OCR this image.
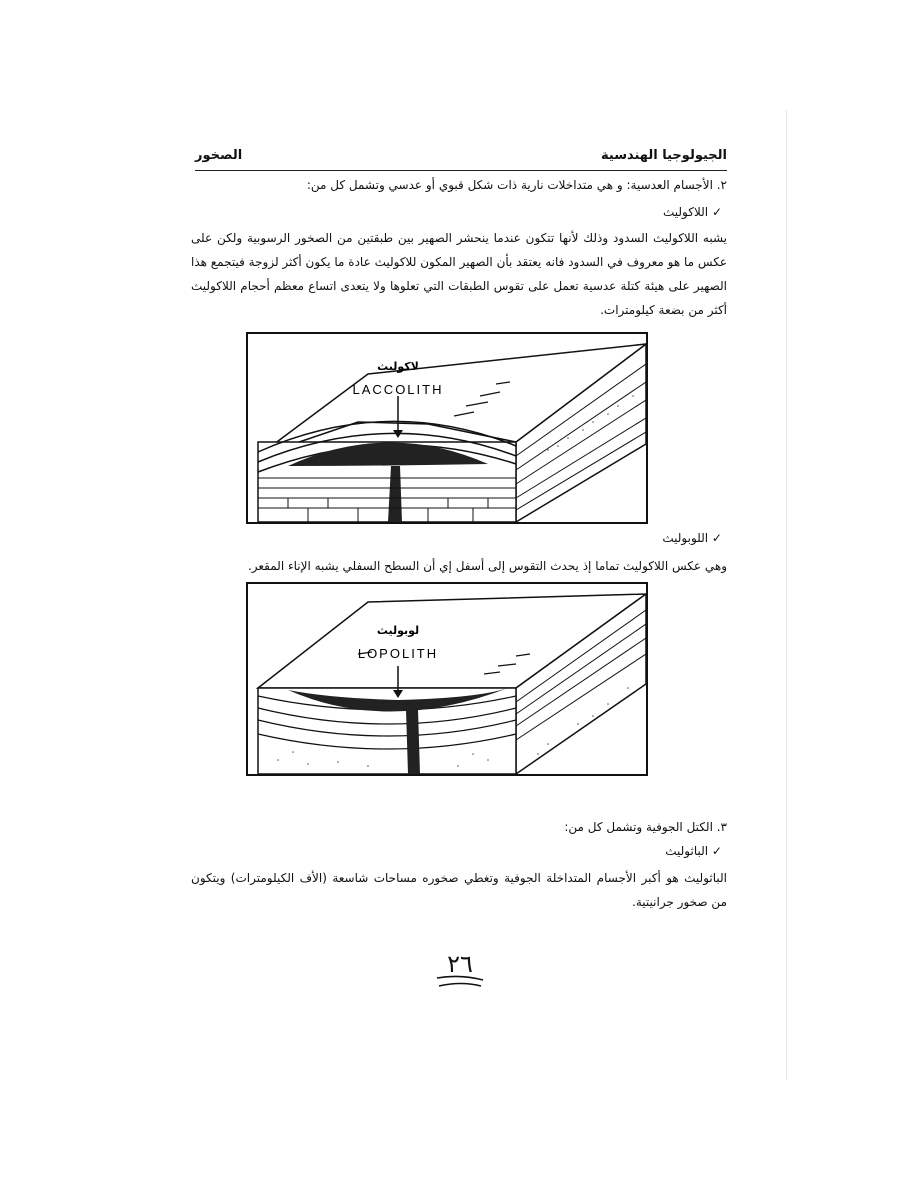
الجيولوجيا الهندسية
الصخور
٢. الأجسام العدسية: و هي متداخلات نارية ذات شكل قبوي أو عدسي وتشمل كل من:
✓ اللاكوليث
يشبه اللاكوليث السدود وذلك لأنها تتكون عندما ينحشر الصهير بين طبقتين من الصخور الرسوبية ولكن على عكس ما هو معروف في السدود فانه يعتقد بأن الصهير المكون للاكوليث عادة ما يكون أكثر لزوجة فيتجمع هذا الصهير على هيئة كتلة عدسية تعمل على تقوس الطبقات التي تعلوها ولا يتعدى اتساع معظم أحجام اللاكوليث أكثر من بضعة كيلومترات.
لاكوليث
LACCOLITH
✓ اللوبوليث
وهي عكس اللاكوليث تماما إذ يحدث التقوس إلى أسفل إي أن السطح السفلي يشبه الإناء المقعر.
لوبوليث
LOPOLITH
٣. الكتل الجوفية وتشمل كل من:
✓ الباثوليث
الباثوليث هو أكبر الأجسام المتداخلة الجوفية وتغطي صخوره مساحات شاسعة (الأف الكيلومترات) ويتكون من صخور جرانيتية.
٢٦
